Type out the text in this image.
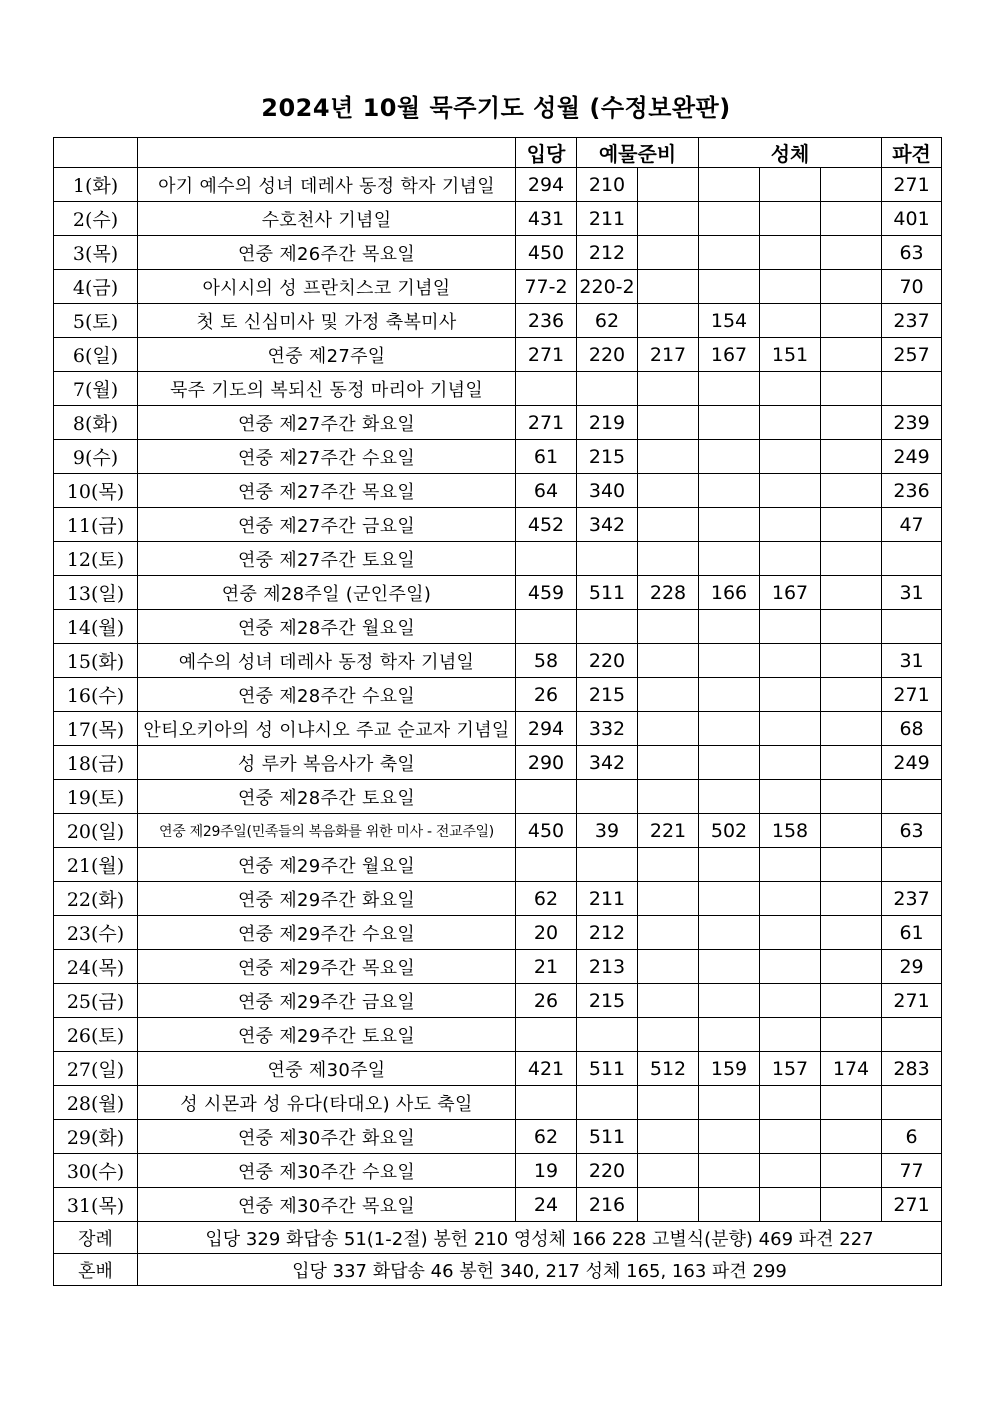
2024년 10월 묵주기도 성월 (수정보완판)
		입당	예물준비		성체			파견
1(화)	아기 예수의 성녀 데레사 동정 학자 기념일	294	210					271
2(수)	수호천사 기념일	431	211					401
3(목)	연중 제26주간 목요일	450	212					63
4(금)	아시시의 성 프란치스코 기념일	77-2	220-2					70
5(토)	첫 토 신심미사 및 가정 축복미사	236	62		154			237
6(일)	연중 제27주일	271	220	217	167	151		257
7(월)	묵주 기도의 복되신 동정 마리아 기념일							
8(화)	연중 제27주간 화요일	271	219					239
9(수)	연중 제27주간 수요일	61	215					249
10(목)	연중 제27주간 목요일	64	340					236
11(금)	연중 제27주간 금요일	452	342					47
12(토)	연중 제27주간 토요일							
13(일)	연중 제28주일 (군인주일)	459	511	228	166	167		31
14(월)	연중 제28주간 월요일							
15(화)	예수의 성녀 데레사 동정 학자 기념일	58	220					31
16(수)	연중 제28주간 수요일	26	215					271
17(목)	안티오키아의 성 이냐시오 주교 순교자 기념일	294	332					68
18(금)	성 루카 복음사가 축일	290	342					249
19(토)	연중 제28주간 토요일							
20(일)	연중 제29주일(민족들의 복음화를 위한 미사 - 전교주일)	450	39	221	502	158		63
21(월)	연중 제29주간 월요일							
22(화)	연중 제29주간 화요일	62	211					237
23(수)	연중 제29주간 수요일	20	212					61
24(목)	연중 제29주간 목요일	21	213					29
25(금)	연중 제29주간 금요일	26	215					271
26(토)	연중 제29주간 토요일							
27(일)	연중 제30주일	421	511	512	159	157	174	283
28(월)	성 시몬과 성 유다(타대오) 사도 축일							
29(화)	연중 제30주간 화요일	62	511					6
30(수)	연중 제30주간 수요일	19	220					77
31(목)	연중 제30주간 목요일	24	216					271
장례	입당 329 화답송 51(1-2절) 봉헌 210 영성체 166 228 고별식(분향) 469 파견 227							
혼배	입당 337 화답송 46 봉헌 340, 217 성체 165, 163 파견 299							
